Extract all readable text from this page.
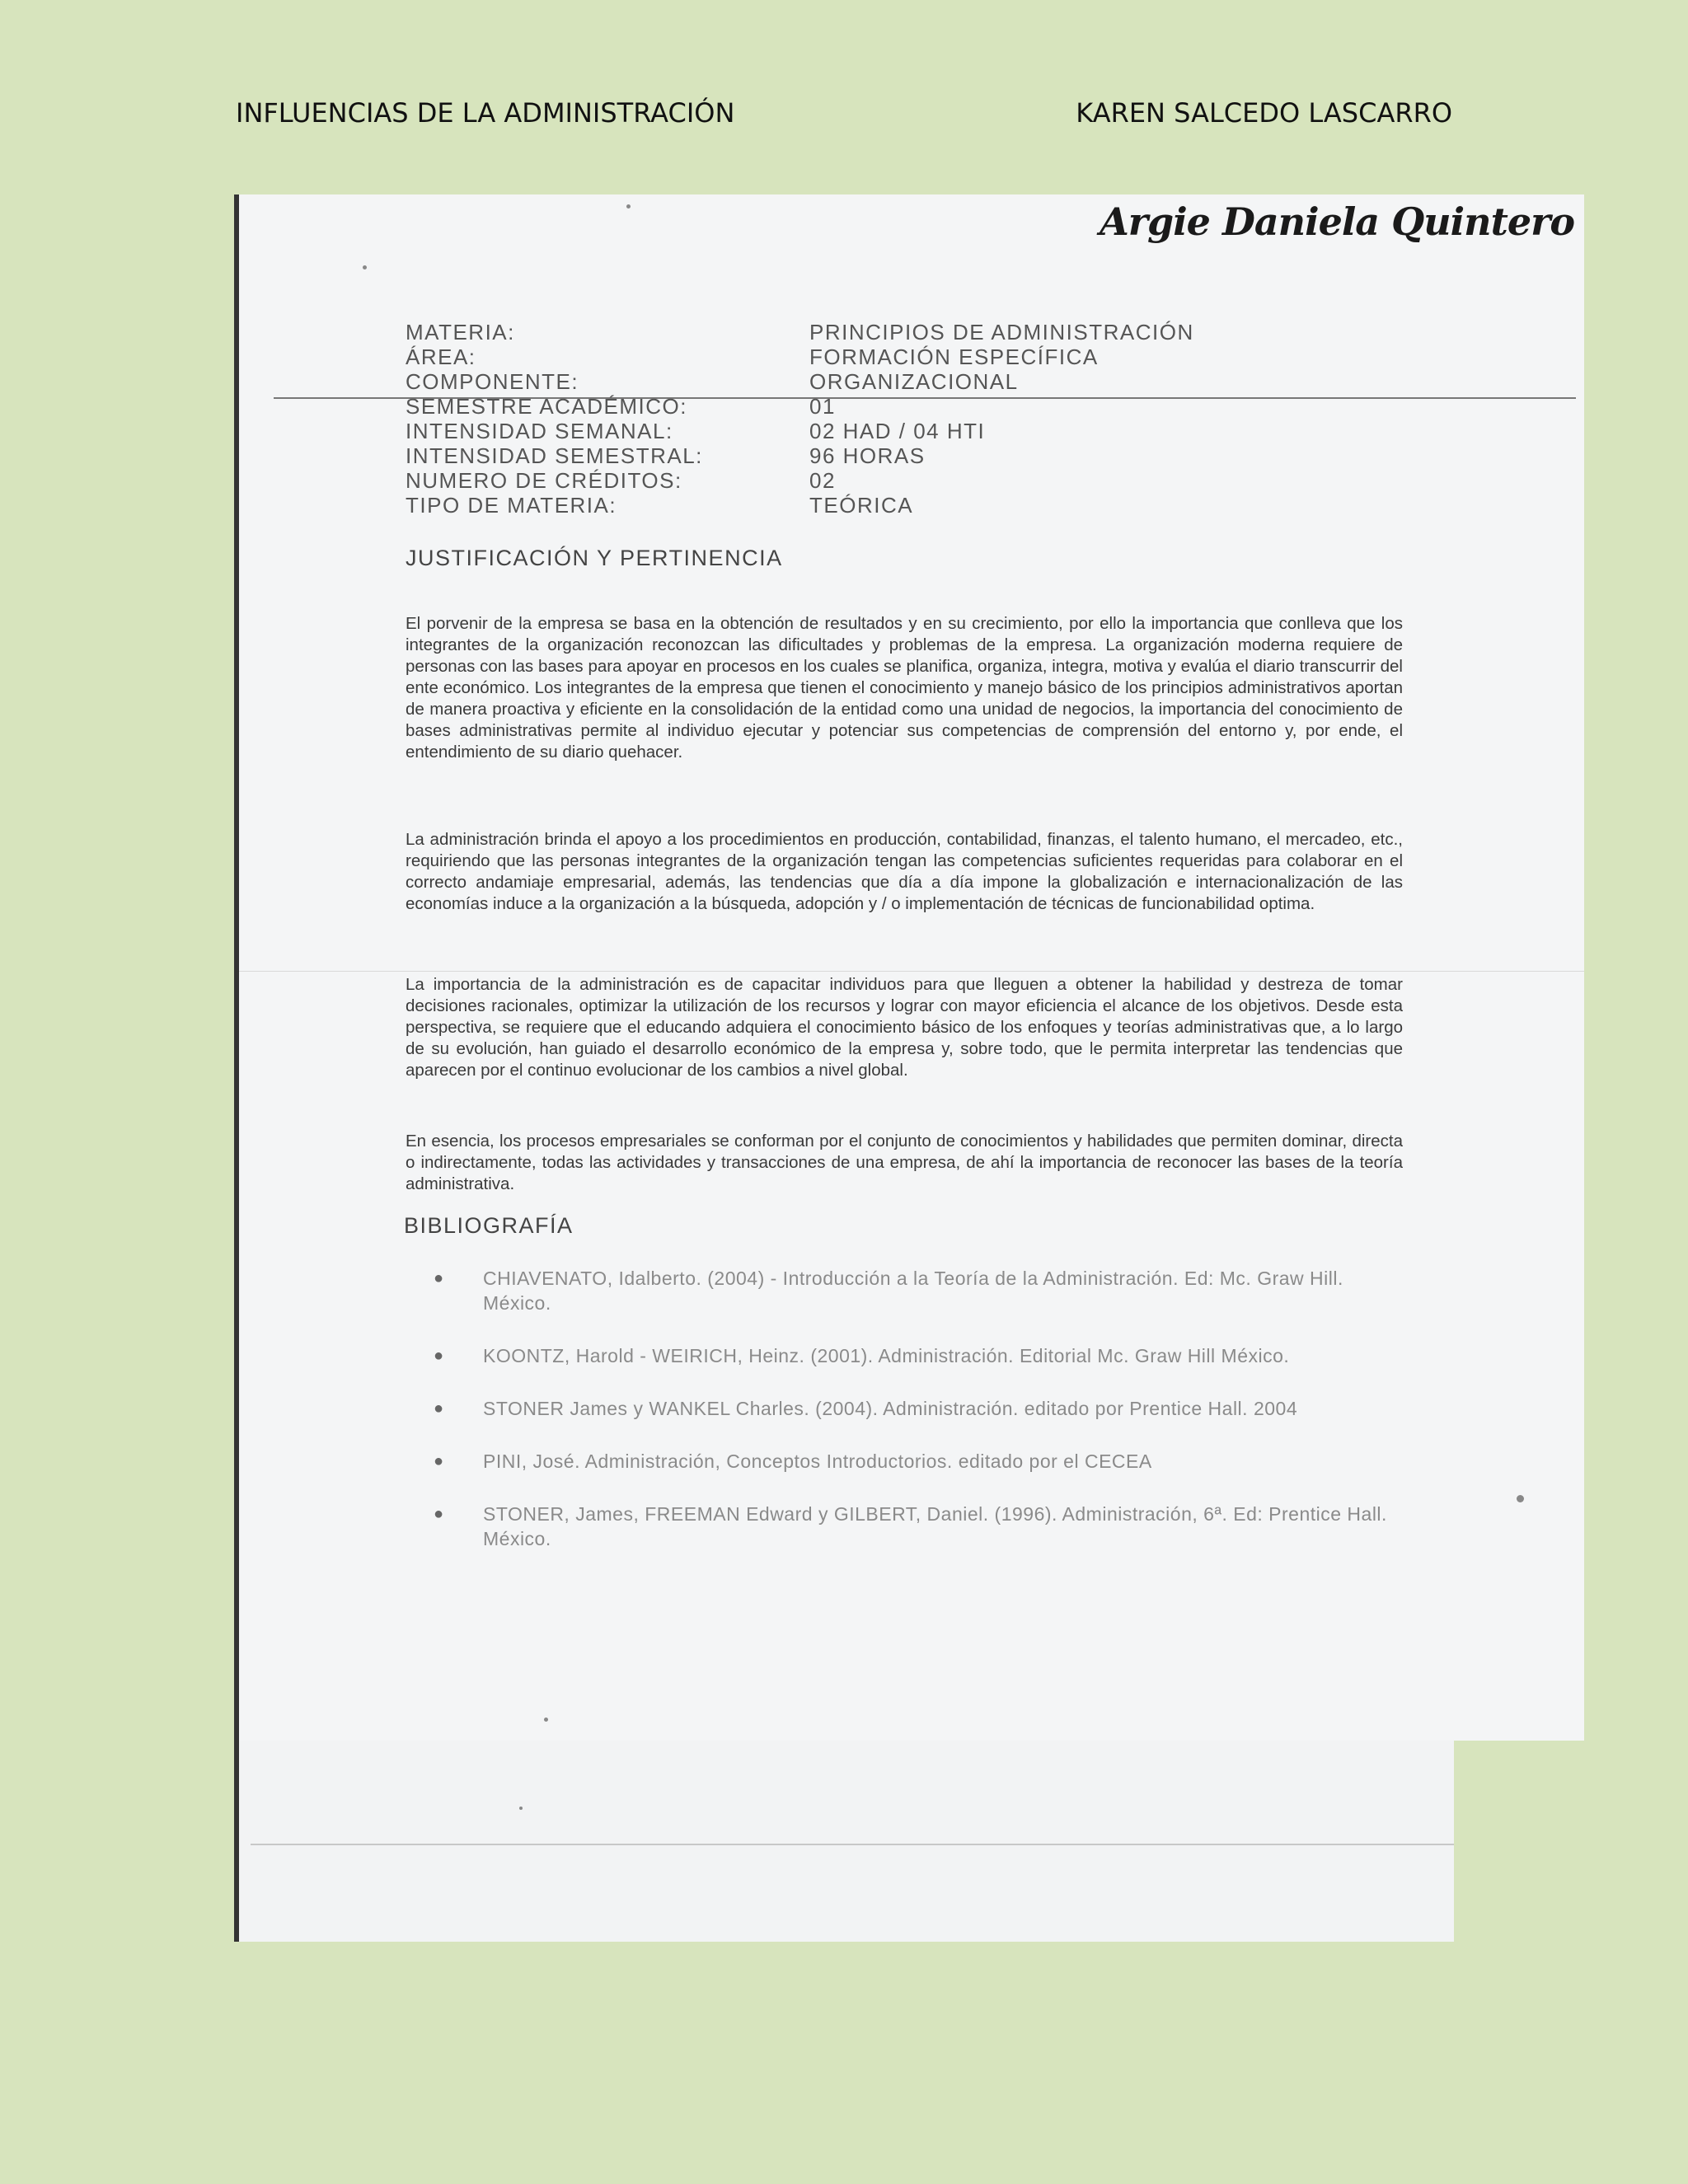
INFLUENCIAS DE LA ADMINISTRACIÓN	KAREN SALCEDO LASCARRO
Argie Daniela Quintero
MATERIA:	PRINCIPIOS DE ADMINISTRACIÓN
ÁREA:	FORMACIÓN ESPECÍFICA
COMPONENTE:	ORGANIZACIONAL
SEMESTRE ACADÉMICO:	01
INTENSIDAD SEMANAL:	02 HAD / 04 HTI
INTENSIDAD SEMESTRAL:	96 HORAS
NUMERO DE CRÉDITOS:	02
TIPO DE MATERIA:	TEÓRICA
JUSTIFICACIÓN Y PERTINENCIA

El porvenir de la empresa se basa en la obtención de resultados y en su crecimiento, por ello la importancia que conlleva que los integrantes de la organización reconozcan las dificultades y problemas de la empresa. La organización moderna requiere de personas con las bases para apoyar en procesos en los cuales se planifica, organiza, integra, motiva y evalúa el diario transcurrir del ente económico. Los integrantes de la empresa que tienen el conocimiento y manejo básico de los principios administrativos aportan de manera proactiva y eficiente en la consolidación de la entidad como una unidad de negocios, la importancia del conocimiento de bases administrativas permite al individuo ejecutar y potenciar sus competencias de comprensión del entorno y, por ende, el entendimiento de su diario quehacer.

La administración brinda el apoyo a los procedimientos en producción, contabilidad, finanzas, el talento humano, el mercadeo, etc., requiriendo que las personas integrantes de la organización tengan las competencias suficientes requeridas para colaborar en el correcto andamiaje empresarial, además, las tendencias que día a día impone la globalización e internacionalización de las economías induce a la organización a la búsqueda, adopción y / o implementación de técnicas de funcionabilidad optima.

La importancia de la administración es de capacitar individuos para que lleguen a obtener la habilidad y destreza de tomar decisiones racionales, optimizar la utilización de los recursos y lograr con mayor eficiencia el alcance de los objetivos. Desde esta perspectiva, se requiere que el educando adquiera el conocimiento básico de los enfoques y teorías administrativas que, a lo largo de su evolución, han guiado el desarrollo económico de la empresa y, sobre todo, que le permita interpretar las tendencias que aparecen por el continuo evolucionar de los cambios a nivel global.

En esencia, los procesos empresariales se conforman por el conjunto de conocimientos y habilidades que permiten dominar, directa o indirectamente, todas las actividades y transacciones de una empresa, de ahí la importancia de reconocer las bases de la teoría administrativa.

BIBLIOGRAFÍA
● CHIAVENATO, Idalberto. (2004) - Introducción a la Teoría de la Administración. Ed: Mc. Graw Hill. México.
● KOONTZ, Harold - WEIRICH, Heinz. (2001). Administración. Editorial Mc. Graw Hill México.
● STONER James y WANKEL Charles. (2004). Administración. editado por Prentice Hall. 2004
● PINI, José. Administración, Conceptos Introductorios. editado por el CECEA
● STONER, James, FREEMAN Edward y GILBERT, Daniel. (1996). Administración, 6ª. Ed: Prentice Hall. México.
